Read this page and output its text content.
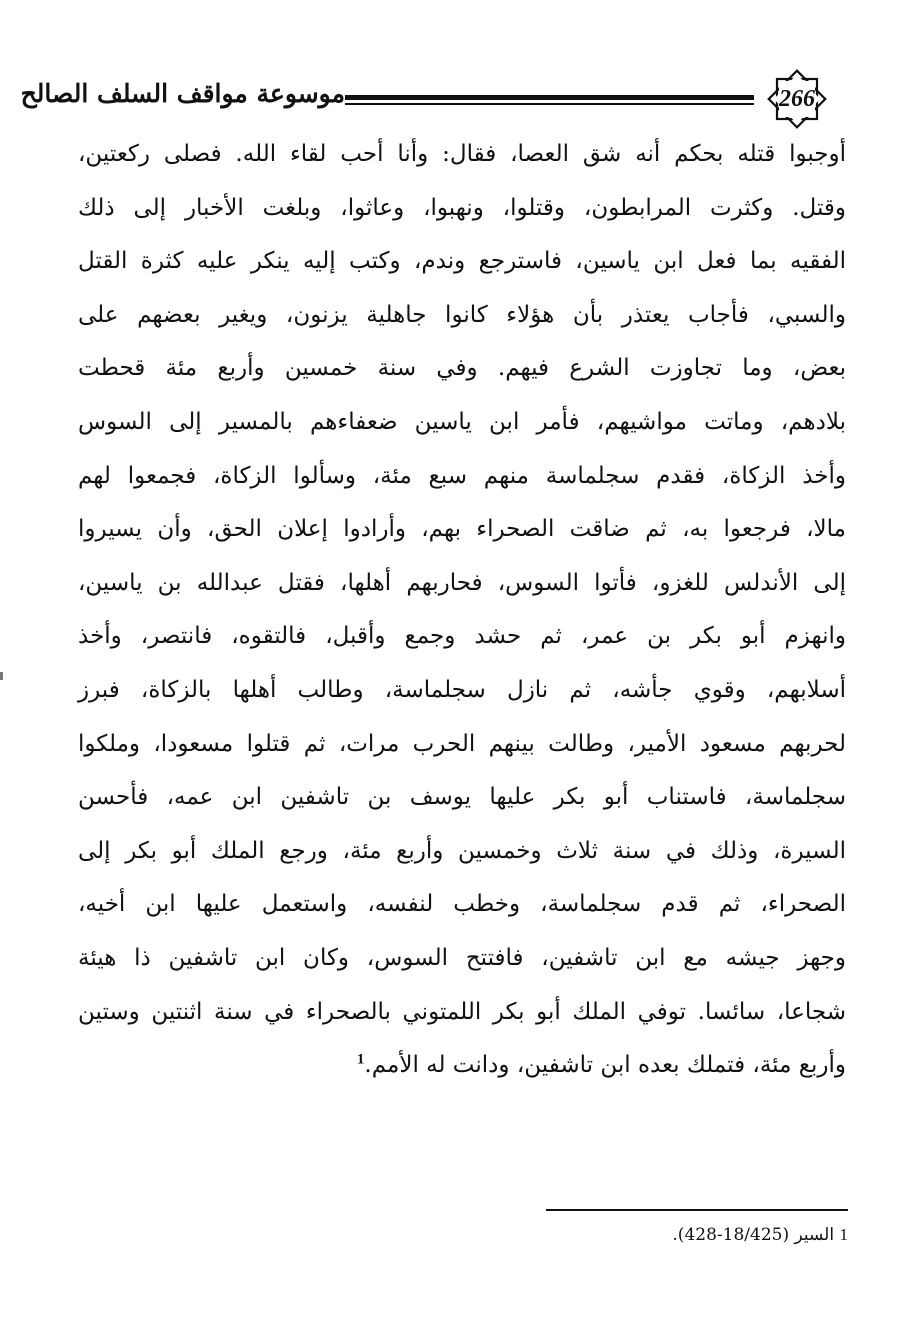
موسوعة مواقف السلف الصالح	266
أوجبوا قتله بحكم أنه شق العصا، فقال: وأنا أحب لقاء الله. فصلى ركعتين،
وقتل. وكثرت المرابطون، وقتلوا، ونهبوا، وعاثوا، وبلغت الأخبار إلى ذلك
الفقيه بما فعل ابن ياسين، فاسترجع وندم، وكتب إليه ينكر عليه كثرة القتل
والسبي، فأجاب يعتذر بأن هؤلاء كانوا جاهلية يزنون، ويغير بعضهم على
بعض، وما تجاوزت الشرع فيهم. وفي سنة خمسين وأربع مئة قحطت
بلادهم، وماتت مواشيهم، فأمر ابن ياسين ضعفاءهم بالمسير إلى السوس
وأخذ الزكاة، فقدم سجلماسة منهم سبع مئة، وسألوا الزكاة، فجمعوا لهم
مالا، فرجعوا به، ثم ضاقت الصحراء بهم، وأرادوا إعلان الحق، وأن يسيروا
إلى الأندلس للغزو، فأتوا السوس، فحاربهم أهلها، فقتل عبدالله بن ياسين،
وانهزم أبو بكر بن عمر، ثم حشد وجمع وأقبل، فالتقوه، فانتصر، وأخذ
أسلابهم، وقوي جأشه، ثم نازل سجلماسة، وطالب أهلها بالزكاة، فبرز
لحربهم مسعود الأمير، وطالت بينهم الحرب مرات، ثم قتلوا مسعودا، وملكوا
سجلماسة، فاستناب أبو بكر عليها يوسف بن تاشفين ابن عمه، فأحسن
السيرة، وذلك في سنة ثلاث وخمسين وأربع مئة، ورجع الملك أبو بكر إلى
الصحراء، ثم قدم سجلماسة، وخطب لنفسه، واستعمل عليها ابن أخيه،
وجهز جيشه مع ابن تاشفين، فافتتح السوس، وكان ابن تاشفين ذا هيئة
شجاعا، سائسا. توفي الملك أبو بكر اللمتوني بالصحراء في سنة اثنتين وستين
وأربع مئة، فتملك بعده ابن تاشفين، ودانت له الأمم.$^1$
1 السير (18/425-428).
